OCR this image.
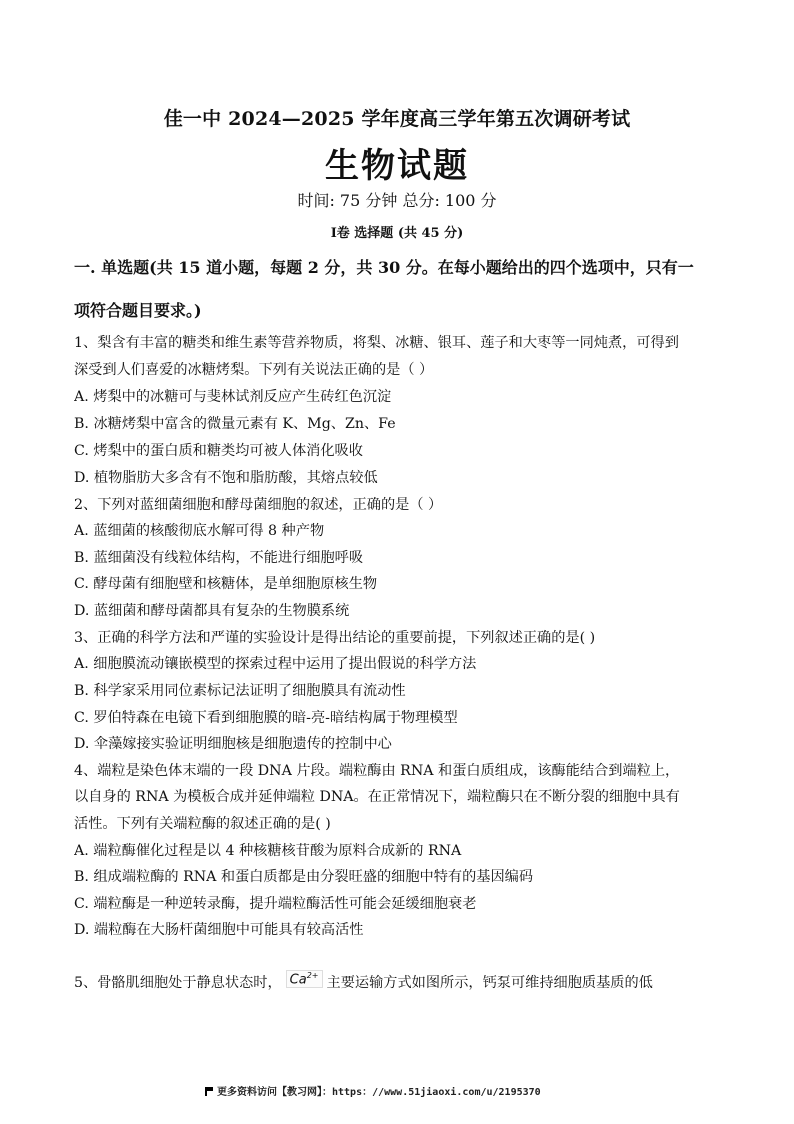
佳一中 2024—2025 学年度高三学年第五次调研考试
生物试题
时间: 75 分钟 总分: 100 分
Ⅰ卷 选择题 (共 45 分)
一. 单选题(共 15 道小题，每题 2 分，共 30 分。在每小题给出的四个选项中，只有一
项符合题目要求。)
1、梨含有丰富的糖类和维生素等营养物质，将梨、冰糖、银耳、莲子和大枣等一同炖煮，可得到
深受到人们喜爱的冰糖烤梨。下列有关说法正确的是（ ）
A. 烤梨中的冰糖可与斐林试剂反应产生砖红色沉淀
B. 冰糖烤梨中富含的微量元素有 K、Mg、Zn、Fe
C. 烤梨中的蛋白质和糖类均可被人体消化吸收
D. 植物脂肪大多含有不饱和脂肪酸，其熔点较低
2、下列对蓝细菌细胞和酵母菌细胞的叙述，正确的是（ ）
A. 蓝细菌的核酸彻底水解可得 8 种产物
B. 蓝细菌没有线粒体结构，不能进行细胞呼吸
C. 酵母菌有细胞壁和核糖体，是单细胞原核生物
D. 蓝细菌和酵母菌都具有复杂的生物膜系统
3、正确的科学方法和严谨的实验设计是得出结论的重要前提，下列叙述正确的是( )
A. 细胞膜流动镶嵌模型的探索过程中运用了提出假说的科学方法
B. 科学家采用同位素标记法证明了细胞膜具有流动性
C. 罗伯特森在电镜下看到细胞膜的暗-亮-暗结构属于物理模型
D. 伞藻嫁接实验证明细胞核是细胞遗传的控制中心
4、端粒是染色体末端的一段 DNA 片段。端粒酶由 RNA 和蛋白质组成，该酶能结合到端粒上，
以自身的 RNA 为模板合成并延伸端粒 DNA。在正常情况下，端粒酶只在不断分裂的细胞中具有
活性。下列有关端粒酶的叙述正确的是( )
A. 端粒酶催化过程是以 4 种核糖核苷酸为原料合成新的 RNA
B. 组成端粒酶的 RNA 和蛋白质都是由分裂旺盛的细胞中特有的基因编码
C. 端粒酶是一种逆转录酶，提升端粒酶活性可能会延缓细胞衰老
D. 端粒酶在大肠杆菌细胞中可能具有较高活性
5、骨骼肌细胞处于静息状态时， $Ca^{2+}$ 主要运输方式如图所示，钙泵可维持细胞质基质的低
更多资料访问【教习网】：https：//www.51jiaoxi.com/u/2195370
